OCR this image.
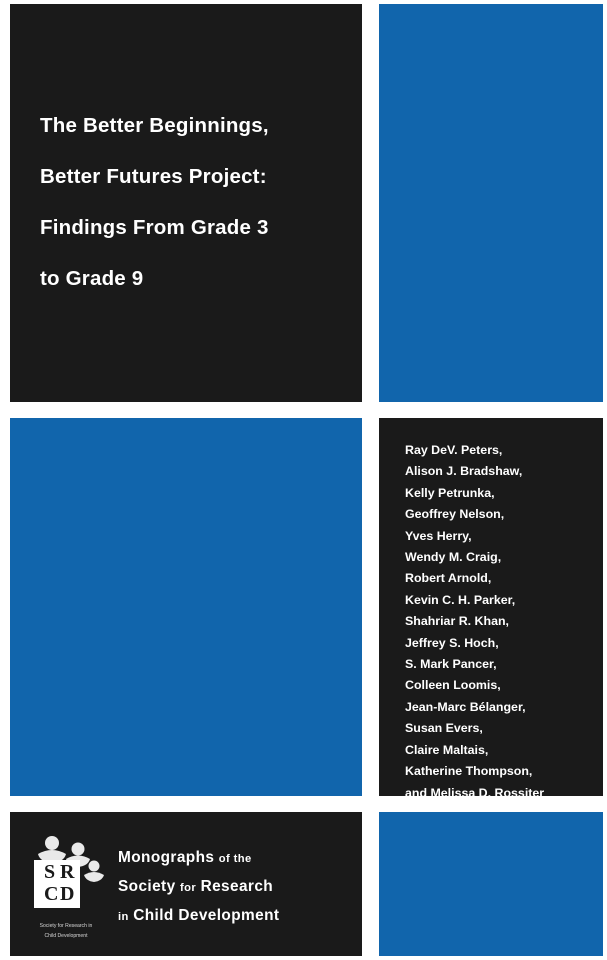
The Better Beginnings,
Better Futures Project:
Findings From Grade 3
to Grade 9
Ray DeV. Peters,
Alison J. Bradshaw,
Kelly Petrunka,
Geoffrey Nelson,
Yves Herry,
Wendy M. Craig,
Robert Arnold,
Kevin C. H. Parker,
Shahriar R. Khan,
Jeffrey S. Hoch,
S. Mark Pancer,
Colleen Loomis,
Jean-Marc Bélanger,
Susan Evers,
Claire Maltais,
Katherine Thompson,
and Melissa D. Rossiter
S R
C D
Society for Research in
Child Development
Monographs of the
Society for Research
in Child Development
